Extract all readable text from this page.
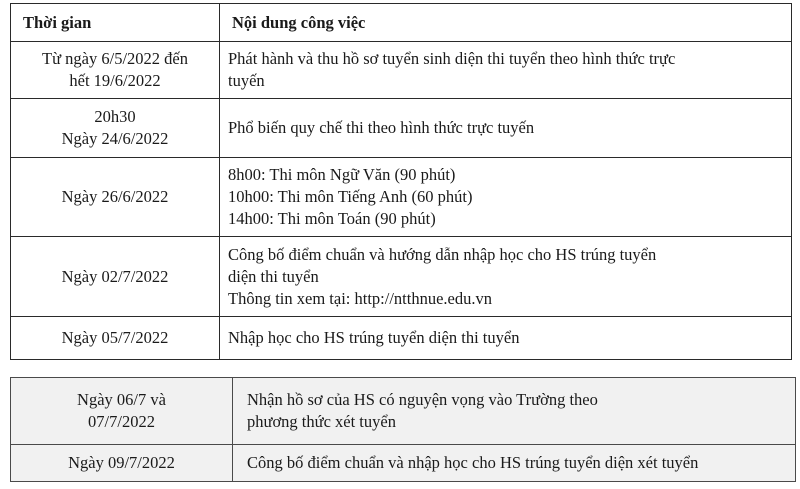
Thời gian	Nội dung công việc

Từ ngày 6/5/2022 đến
hết 19/6/2022	Phát hành và thu hồ sơ tuyển sinh diện thi tuyển theo hình thức trực
tuyến

20h30
Ngày 24/6/2022	Phổ biến quy chế thi theo hình thức trực tuyến

Ngày 26/6/2022	8h00: Thi môn Ngữ Văn (90 phút)
10h00: Thi môn Tiếng Anh (60 phút)
14h00: Thi môn Toán (90 phút)

Ngày 02/7/2022	Công bố điểm chuẩn và hướng dẫn nhập học cho HS trúng tuyển
diện thi tuyển
Thông tin xem tại: http://ntthnue.edu.vn

Ngày 05/7/2022	Nhập học cho HS trúng tuyển diện thi tuyển
Ngày 06/7 và
07/7/2022	Nhận hồ sơ của HS có nguyện vọng vào Trường theo
phương thức xét tuyển

Ngày 09/7/2022	Công bố điểm chuẩn và nhập học cho HS trúng tuyển diện xét tuyển
